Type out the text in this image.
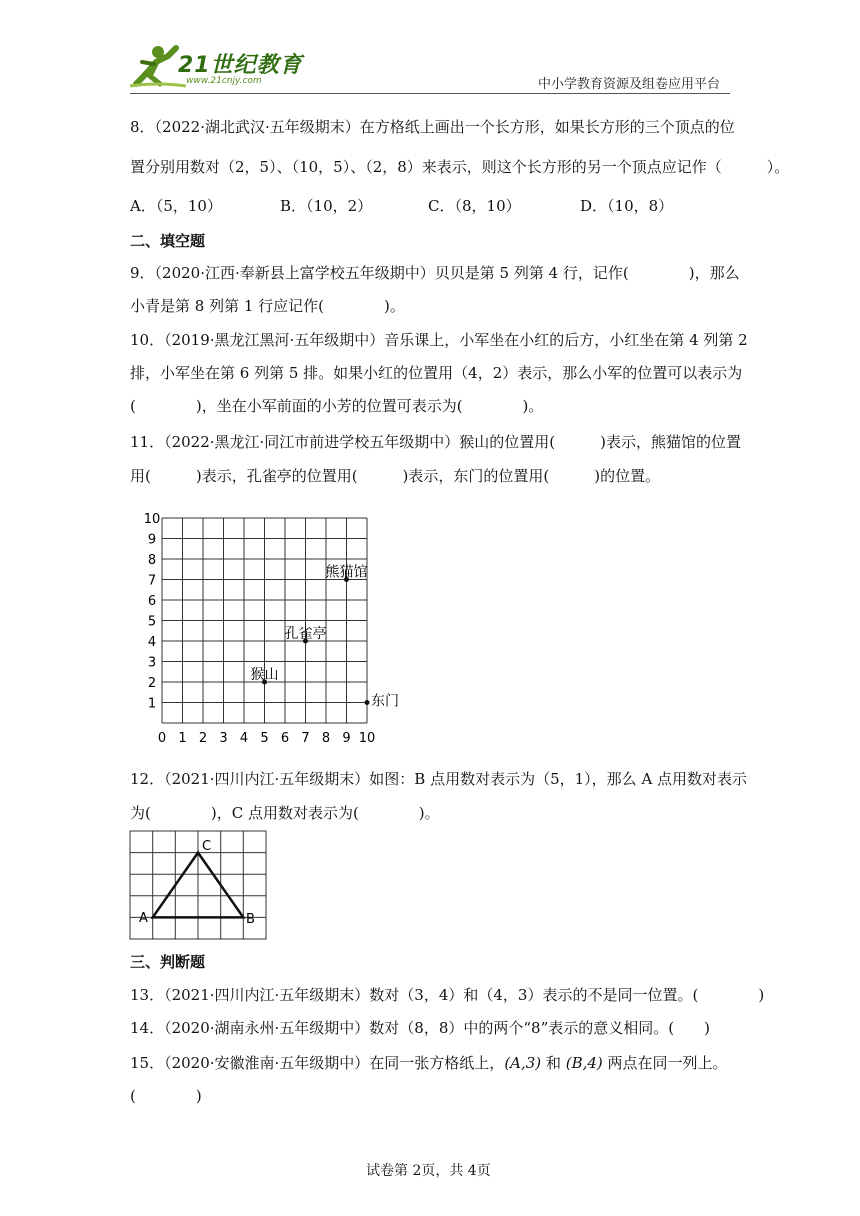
21世纪教育
www.21cnjy.com	中小学教育资源及组卷应用平台
8．（2022·湖北武汉·五年级期末）在方格纸上画出一个长方形，如果长方形的三个顶点的位
置分别用数对（2，5）、（10，5）、（2，8）来表示，则这个长方形的另一个顶点应记作（　　　）。
A．（5，10）	B．（10，2）	C．（8，10）	D．（10，8）
二、填空题
9．（2020·江西·奉新县上富学校五年级期中）贝贝是第 5 列第 4 行，记作(　　　　)，那么
小青是第 8 列第 1 行应记作(　　　　)。
10．（2019·黑龙江黑河·五年级期中）音乐课上，小军坐在小红的后方，小红坐在第 4 列第 2
排，小军坐在第 6 列第 5 排。如果小红的位置用（4，2）表示，那么小军的位置可以表示为
(　　　　)，坐在小军前面的小芳的位置可表示为(　　　　)。
11．（2022·黑龙江·同江市前进学校五年级期中）猴山的位置用(　　　)表示，熊猫馆的位置
用(　　　)表示，孔雀亭的位置用(　　　)表示，东门的位置用(　　　)的位置。
0 1 2 3 4 5 6 7 8 9 10
1
2
3
4
5
6
7
8
9
10
熊猫馆
孔雀亭
猴山
东门
12．（2021·四川内江·五年级期末）如图：B 点用数对表示为（5，1），那么 A 点用数对表示
为(　　　　)，C 点用数对表示为(　　　　)。
A	B
C
三、判断题
13．（2021·四川内江·五年级期末）数对（3，4）和（4，3）表示的不是同一位置。(　　　　)
14．（2020·湖南永州·五年级期中）数对（8，8）中的两个“8”表示的意义相同。(　　)
15．（2020·安徽淮南·五年级期中）在同一张方格纸上，(A,3) 和 (B,4) 两点在同一列上。
(　　　　)
试卷第 2页，共 4页
